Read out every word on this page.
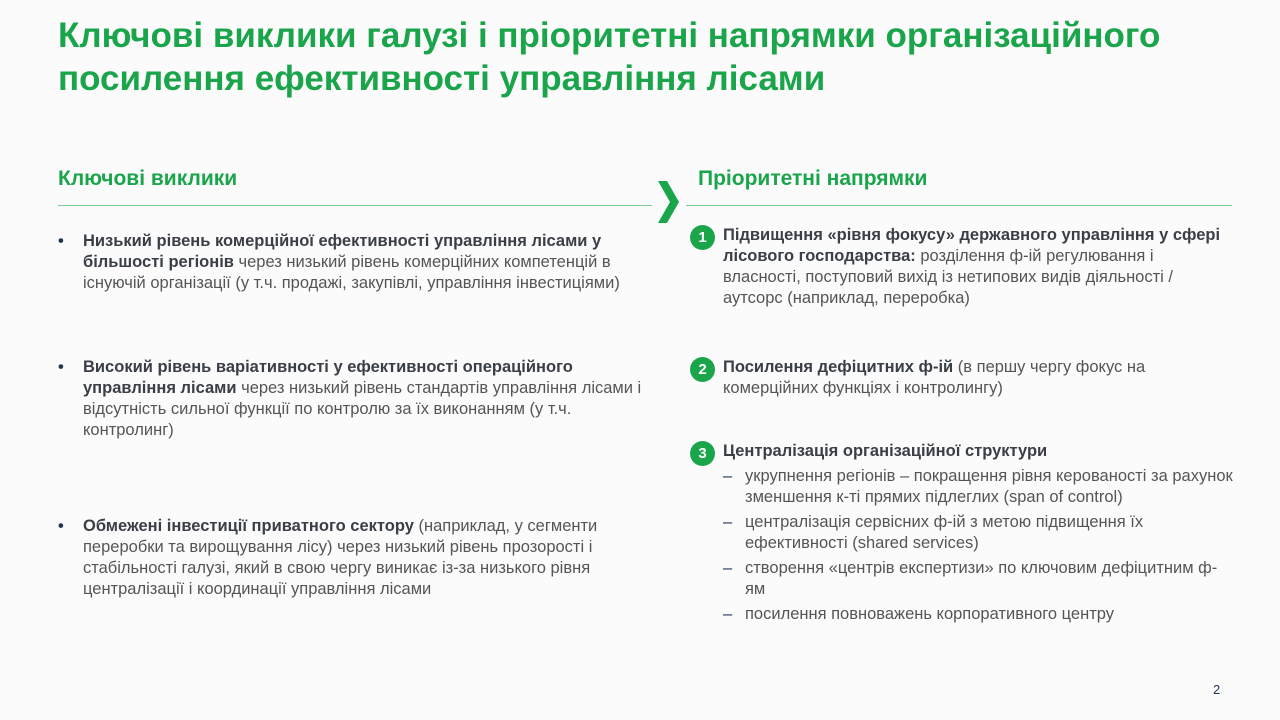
Ключові виклики галузі і пріоритетні напрямки організаційного посилення ефективності управління лісами
Ключові виклики
• Низький рівень комерційної ефективності управління лісами у більшості регіонів через низький рівень комерційних компетенцій в існуючій організації (у т.ч. продажі, закупівлі, управління інвестиціями)
• Високий рівень варіативності у ефективності операційного управління лісами через низький рівень стандартів управління лісами і відсутність сильної функції по контролю за їх виконанням (у т.ч. контролинг)
• Обмежені інвестиції приватного сектору (наприклад, у сегменти переробки та вирощування лісу) через низький рівень прозорості і стабільності галузі, який в свою чергу виникає із-за низького рівня централізації і координації управління лісами
Пріоритетні напрямки
1 Підвищення «рівня фокусу» державного управління у сфері лісового господарства: розділення ф-ій регулювання і власності, поступовий вихід із нетипових видів діяльності / аутсорс (наприклад, переробка)
2 Посилення дефіцитних ф-ій (в першу чергу фокус на комерційних функціях і контролингу)
3 Централізація організаційної структури
– укрупнення регіонів – покращення рівня керованості за рахунок зменшення к-ті прямих підлеглих (span of control)
– централізація сервісних ф-ій з метою підвищення їх ефективності (shared services)
– створення «центрів експертизи» по ключовим дефіцитним ф-ям
– посилення повноважень корпоративного центру
2
